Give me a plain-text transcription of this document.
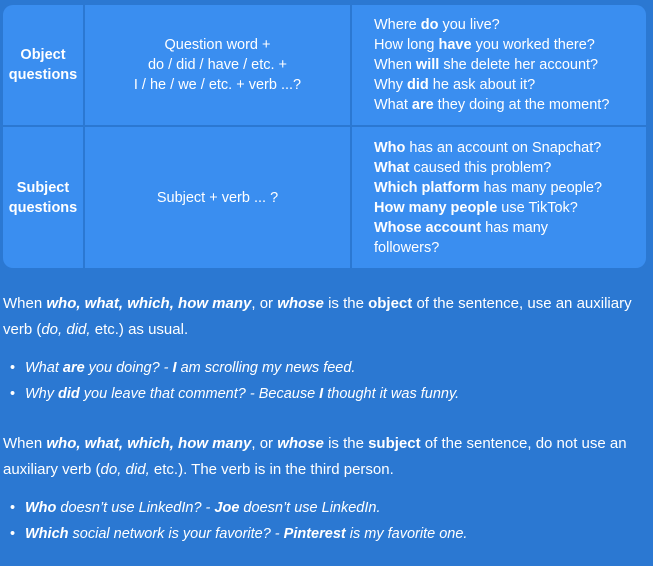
Object
questions
Question word +
do / did / have / etc. +
I / he / we / etc. + verb ...?
Where do you live?
How long have you worked there?
When will she delete her account?
Why did he ask about it?
What are they doing at the moment?
Subject
questions
Subject + verb ... ?
Who has an account on Snapchat?
What caused this problem?
Which platform has many people?
How many people use TikTok?
Whose account has many
followers?
When who, what, which, how many, or whose is the object of the sentence, use an auxiliary verb (do, did, etc.) as usual.
• What are you doing? - I am scrolling my news feed.
• Why did you leave that comment? - Because I thought it was funny.
When who, what, which, how many, or whose is the subject of the sentence, do not use an auxiliary verb (do, did, etc.). The verb is in the third person.
• Who doesn’t use LinkedIn? - Joe doesn’t use LinkedIn.
• Which social network is your favorite? - Pinterest is my favorite one.
